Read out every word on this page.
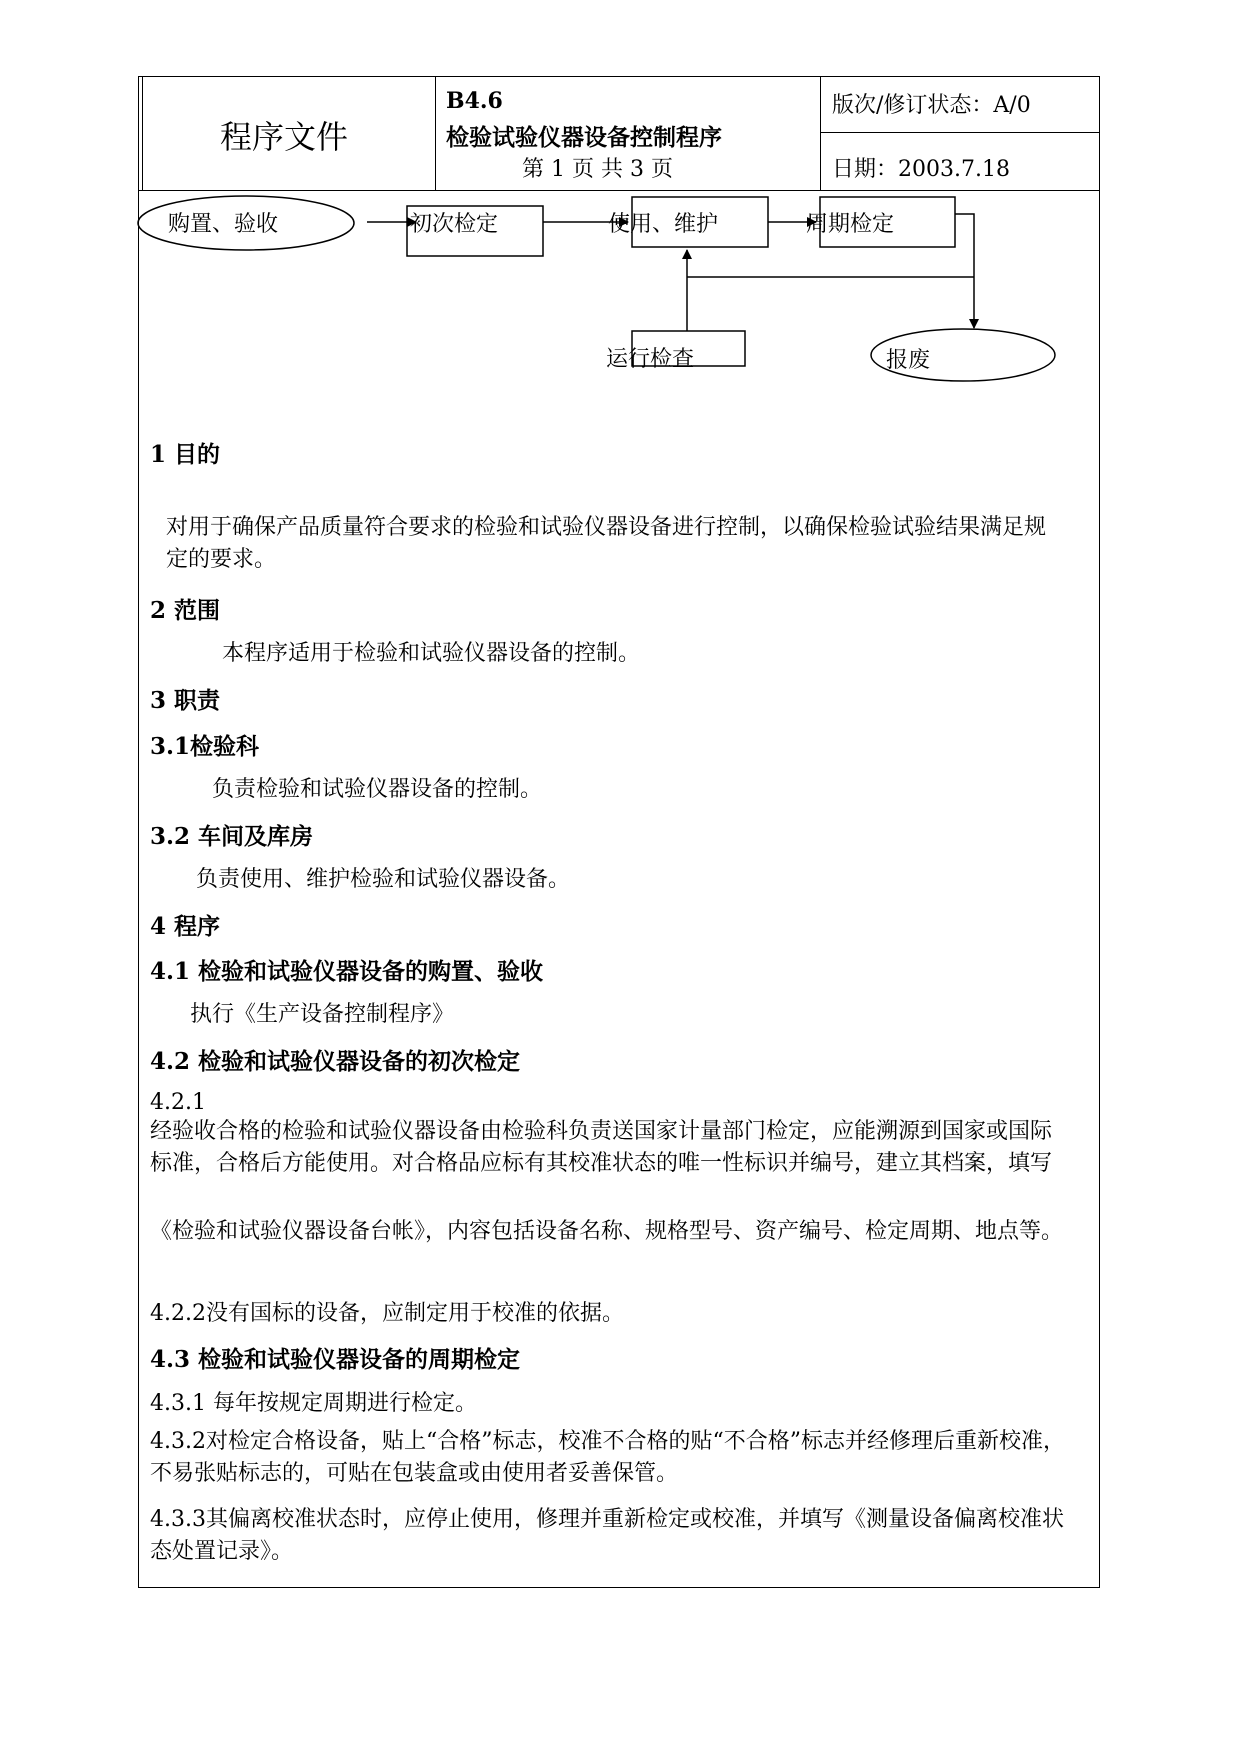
程序文件
B4.6
检验试验仪器设备控制程序
第 1 页 共 3 页
版次/修订状态：A/0
日期：2003.7.18
购置、验收	初次检定	使用、维护	周期检定
运行检查	报废
1 目的
对用于确保产品质量符合要求的检验和试验仪器设备进行控制，以确保检验试验结果满足规定的要求。
2 范围
本程序适用于检验和试验仪器设备的控制。
3 职责
3.1检验科
负责检验和试验仪器设备的控制。
3.2 车间及库房
负责使用、维护检验和试验仪器设备。
4 程序
4.1 检验和试验仪器设备的购置、验收
执行《生产设备控制程序》
4.2 检验和试验仪器设备的初次检定
4.2.1
经验收合格的检验和试验仪器设备由检验科负责送国家计量部门检定，应能溯源到国家或国际标准，合格后方能使用。对合格品应标有其校准状态的唯一性标识并编号，建立其档案，填写
《检验和试验仪器设备台帐》，内容包括设备名称、规格型号、资产编号、检定周期、地点等。
4.2.2没有国标的设备，应制定用于校准的依据。
4.3 检验和试验仪器设备的周期检定
4.3.1 每年按规定周期进行检定。
4.3.2对检定合格设备，贴上“合格”标志，校准不合格的贴“不合格”标志并经修理后重新校准，不易张贴标志的，可贴在包装盒或由使用者妥善保管。
4.3.3其偏离校准状态时，应停止使用，修理并重新检定或校准，并填写《测量设备偏离校准状态处置记录》。
